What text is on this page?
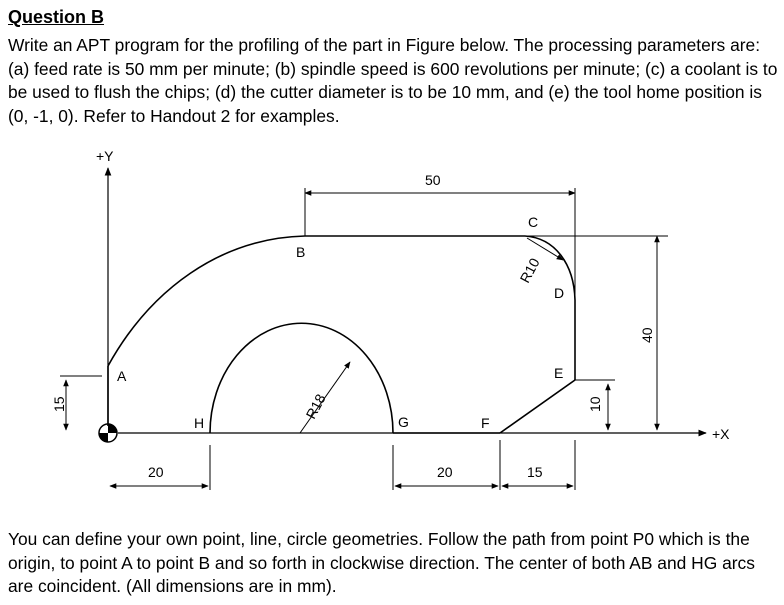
Question B

Write an APT program for the profiling of the part in Figure below. The processing parameters are: (a) feed rate is 50 mm per minute; (b) spindle speed is 600 revolutions per minute; (c) a coolant is to be used to flush the chips; (d) the cutter diameter is to be 10 mm, and (e) the tool home position is (0, -1, 0). Refer to Handout 2 for examples.

+Y
+X
50
40
15	10
20	20	15
R18
R10
A
B
C
D
E
F
G
H

You can define your own point, line, circle geometries. Follow the path from point P0 which is the origin, to point A to point B and so forth in clockwise direction. The center of both AB and HG arcs are coincident. (All dimensions are in mm).
